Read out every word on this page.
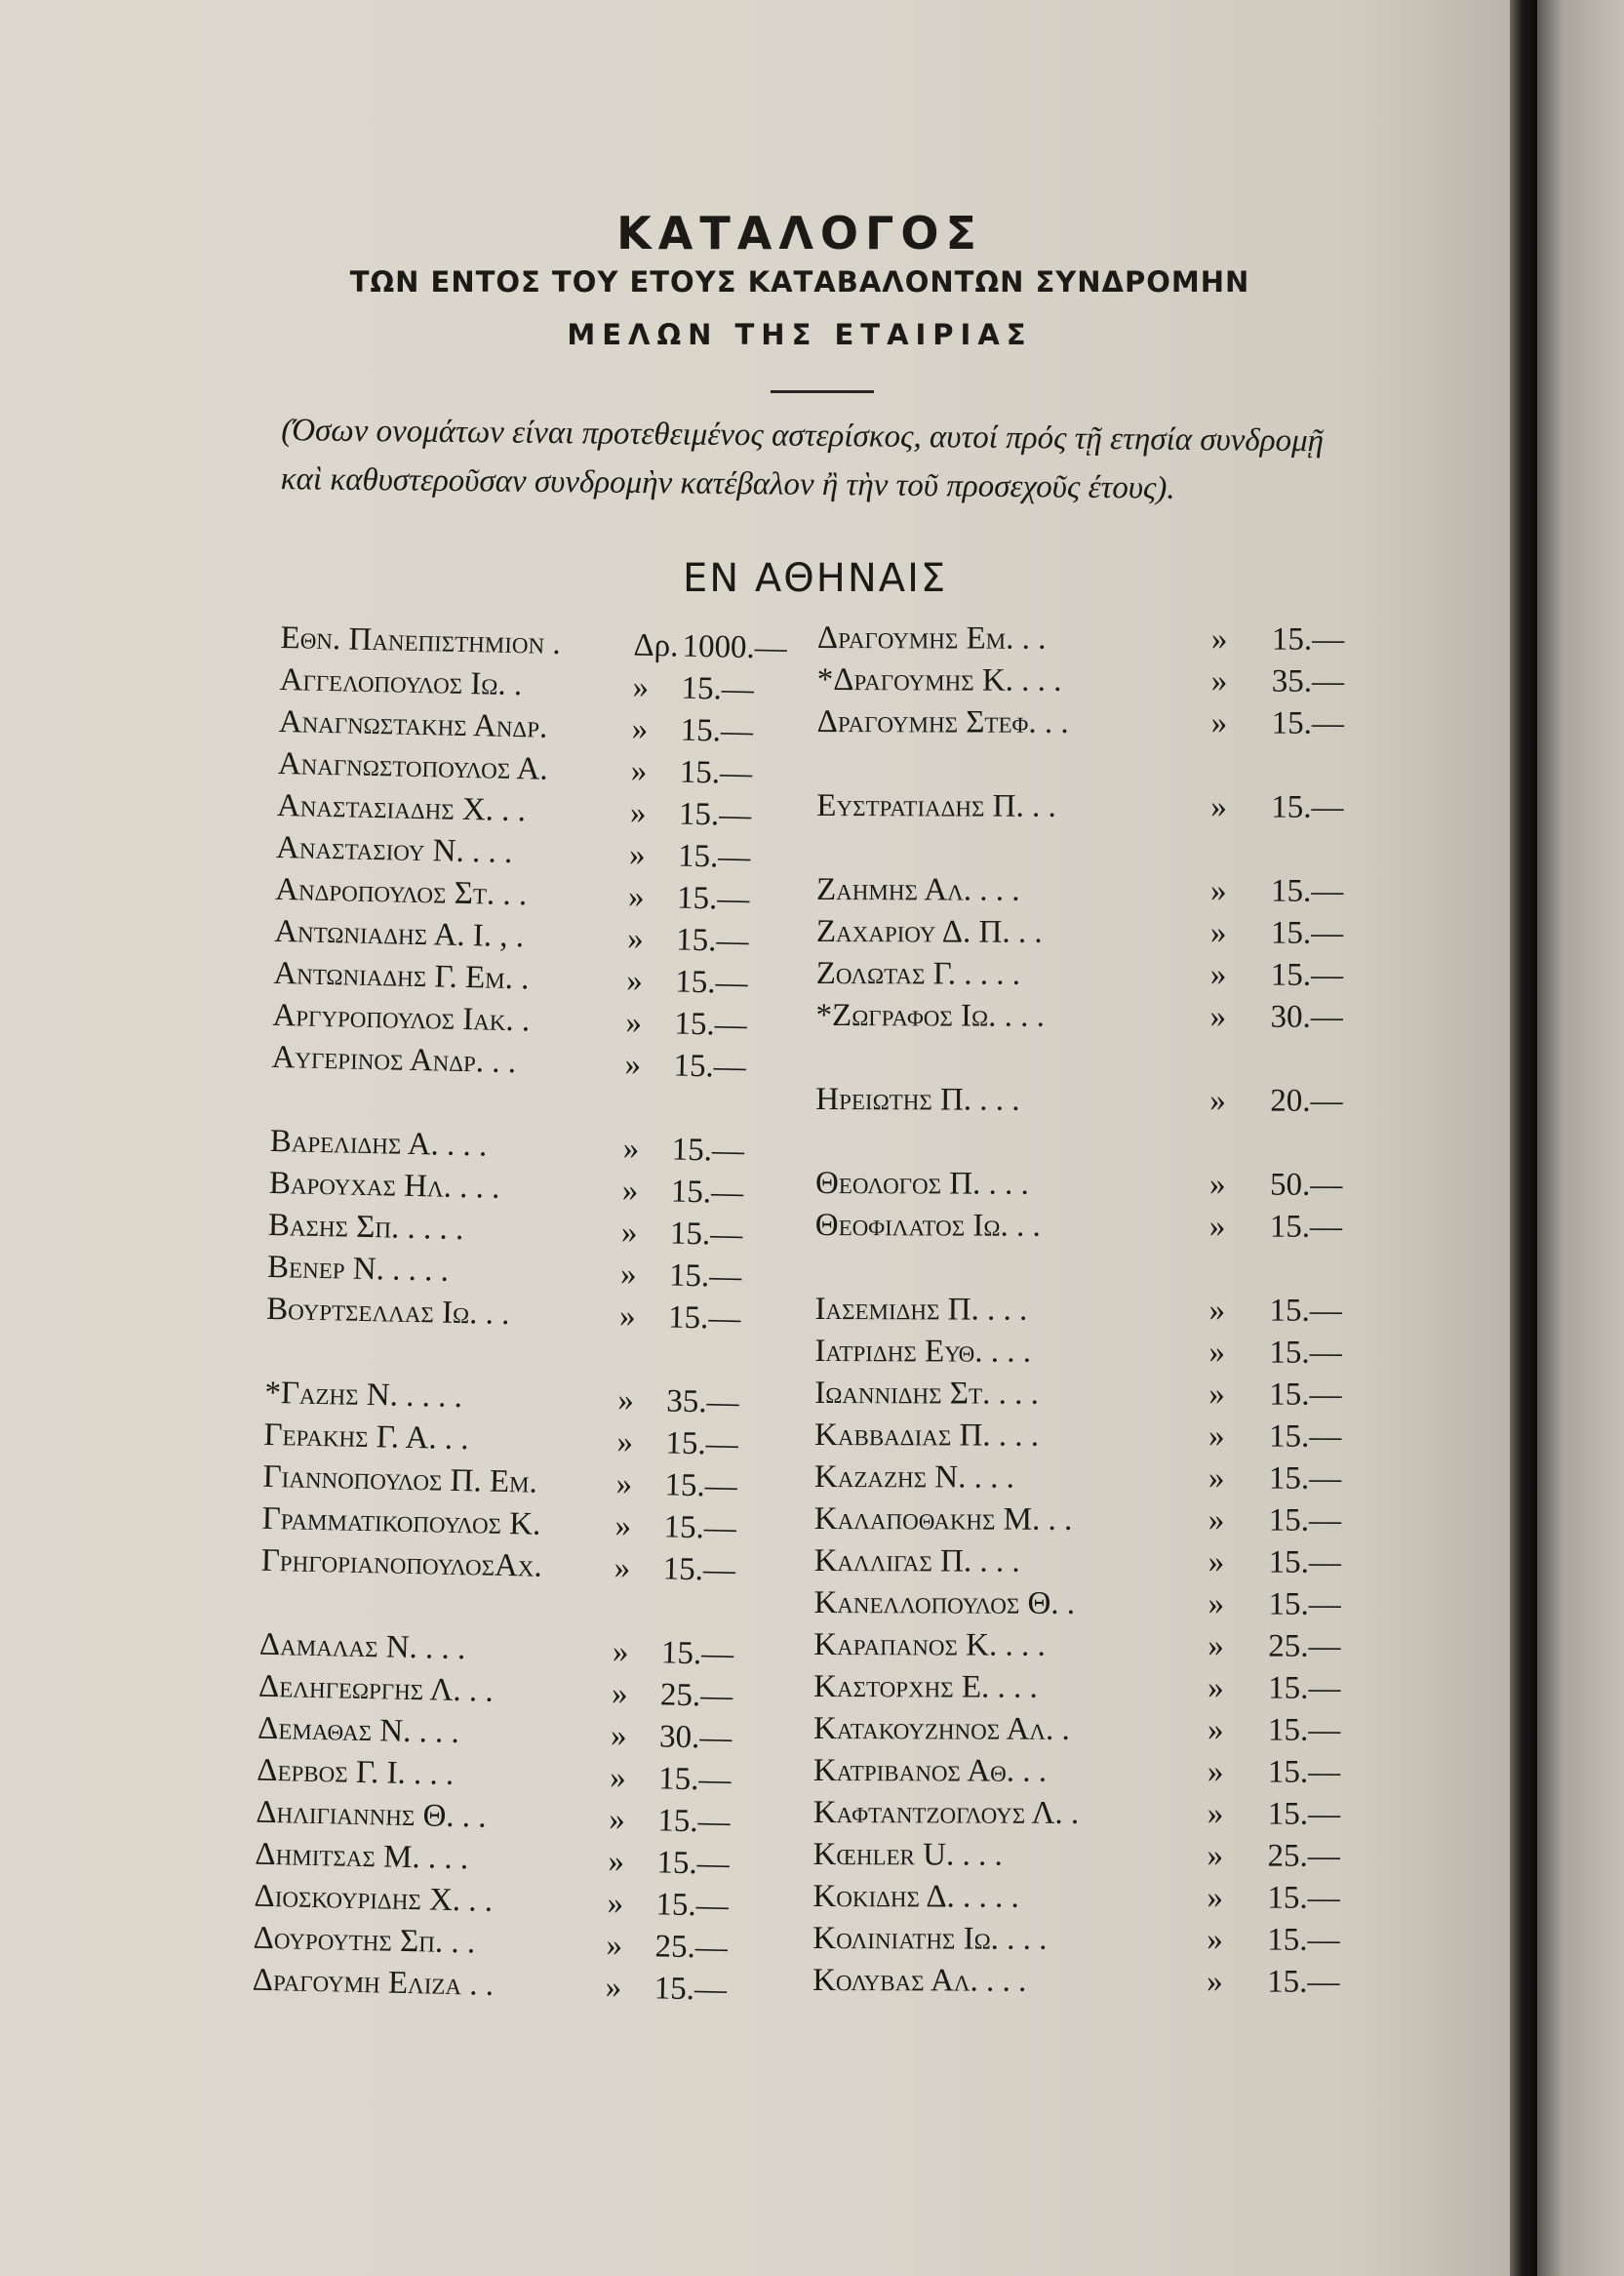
ΚΑΤΑΛΟΓΟΣ
ΤΩΝ ΕΝΤΟΣ ΤΟΥ ΕΤΟΥΣ ΚΑΤΑΒΑΛΟΝΤΩΝ ΣΥΝΔΡΟΜΗΝ
ΜΕΛΩΝ ΤΗΣ ΕΤΑΙΡΙΑΣ
(Όσων ονομάτων είναι προτεθειμένος αστερίσκος, αυτοί πρός τῇ ετησία συνδρομῇ καὶ καθυστεροῦσαν συνδρομὴν κατέβαλον ἢ τὴν τοῦ προσεχοῦς έτους).
ΕΝ ΑΘΗΝΑΙΣ
Εθν. Πανεπιστημιον . Δρ. 1000.—
Αγγελοπουλος Ιω. .	» 15.—
Αναγνωστακης Ανδρ.	» 15.—
Αναγνωστοπουλος Α.	» 15.—
Αναστασιαδης Χ. . .	» 15.—
Αναστασιου Ν. . . .	» 15.—
Ανδροπουλος Στ. . .	» 15.—
Αντωνιαδης Α. Ι. , .	» 15.—
Αντωνιαδης Γ. Εμ. .	» 15.—
Αργυροπουλος Ιακ. .	» 15.—
Αυγερινος Ανδρ. . .	» 15.—
Βαρελιδης Α. . . .	» 15.—
Βαρουχας Ηλ. . . .	» 15.—
Βασης Σπ. . . . .	» 15.—
Βενερ Ν. . . . .	» 15.—
Βουρτσελλας Ιω. . .	» 15.—
*Γαζης Ν. . . . .	» 35.—
Γερακης Γ. Α. . .	» 15.—
Γιαννοπουλος Π. Εμ. » 15.—
Γραμματικοπουλος Κ. » 15.—
ΓρηγοριανοπουλοςΑχ. » 15.—
Δαμαλας Ν. . . .	» 15.—
Δεληγεωργης Λ. . .	» 25.—
Δεμαθας Ν. . . .	» 30.—
Δερβος Γ. Ι. . . .	» 15.—
Δηλιγιαννης Θ. . .	» 15.—
Δημιτσας Μ. . . .	» 15.—
Διοσκουριδης Χ. . .	» 15.—
Δουρουτης Σπ. . .	» 25.—
Δραγουμη Ελιζα . .	» 15.—
Δραγουμης Εμ. . .	» 15.—
*Δραγουμης Κ. . . .	» 35.—
Δραγουμης Στεφ. . .	» 15.—
Ευστρατιαδης Π. . .	» 15.—
Ζαημης Αλ. . . .	» 15.—
Ζαχαριου Δ. Π. . .	» 15.—
Ζολωτας Γ. . . . .	» 15.—
*Ζωγραφος Ιω. . . .	» 30.—
Ηρειωτης Π. . . .	» 20.—
Θεολογος Π. . . .	» 50.—
Θεοφιλατος Ιω. . .	» 15.—
Ιασεμιδης Π. . . .	» 15.—
Ιατριδης Ευθ. . . .	» 15.—
Ιωαννιδης Στ. . . .	» 15.—
Καββαδιας Π. . . .	» 15.—
Καζαζης Ν. . . .	» 15.—
Καλαποθακης Μ. . .	» 15.—
Καλλιγας Π. . . .	» 15.—
Κανελλοπουλος Θ. .	» 15.—
Καραπανος Κ. . . .	» 25.—
Καστορχης Ε. . . .	» 15.—
Κατακουζηνος Αλ. .	» 15.—
Κατριβανος Αθ. . .	» 15.—
Καφταντζογλους Λ. .	» 15.—
Kœhler U. . . .	» 25.—
Κοκιδης Δ. . . . .	» 15.—
Κολινιατης Ιω. . . .	» 15.—
Κολυβας Αλ. . . .	» 15.—
